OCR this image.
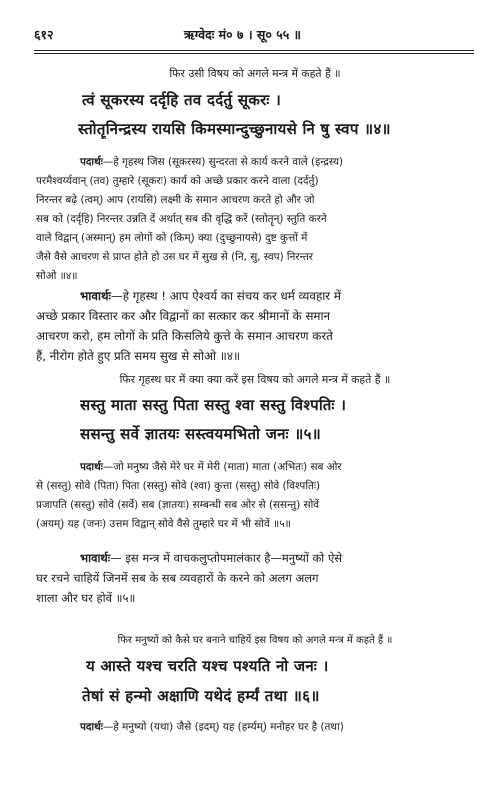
६१२	ऋग्वेदः मं० ७ । सू० ५५ ॥
फिर उसी विषय को अगले मन्त्र में कहते हैं ॥
त्वं सूकरस्य दर्दृहि तव दर्दर्तु सूकरः ।
स्तोतॄनिन्द्रस्य रायसि किमस्मान्दुच्छुनायसे नि षु स्वप ॥४॥
पदार्थः—हे गृहस्थ जिस (सूकरस्य) सुन्दरता से कार्य करने वाले (इन्द्रस्य)
परमैश्वर्य्यवान् (तव) तुम्हारे (सूकरः) कार्य को अच्छे प्रकार करने वाला (दर्दर्तु)
निरन्तर बढ़े (त्वम्) आप (रायसि) लक्ष्मी के समान आचरण करते हो और जो
सब को (दर्दृहि) निरन्तर उन्नति दें अर्थात् सब की वृद्धि करें (स्तोतॄन्) स्तुति करने
वाले विद्वान् (अस्मान्) हम लोगों को (किम्) क्या (दुच्छुनायसे) दुष्ट कुत्तों में
जैसे वैसे आचरण से प्राप्त होते हो उस घर में सुख से (नि, सु, स्वप) निरन्तर
सोओ ॥४॥
भावार्थः—हे गृहस्थ ! आप ऐश्वर्य का संचय कर धर्म व्यवहार में
अच्छे प्रकार विस्तार कर और विद्वानों का सत्कार कर श्रीमानों के समान
आचरण करो, हम लोगों के प्रति किसलिये कुत्ते के समान आचरण करते
हैं, नीरोग होते हुए प्रति समय सुख से सोओ ॥४॥
फिर गृहस्थ घर में क्या क्या करें इस विषय को अगले मन्त्र में कहते हैं ॥
सस्तु माता सस्तु पिता सस्तु श्वा सस्तु विश्पतिः ।
ससन्तु सर्वे ज्ञातयः सस्त्वयमभितो जनः ॥५॥
पदार्थः—जो मनुष्य जैसे मेरे घर में मेरी (माता) माता (अभितः) सब ओर
से (सस्तु) सोवे (पिता) पिता (सस्तु) सोवे (श्वा) कुत्ता (सस्तु) सोवे (विश्पतिः)
प्रजापति (सस्तु) सोवे (सर्वे) सब (ज्ञातयः) सम्बन्धी सब ओर से (ससन्तु) सोवें
(अयम्) यह (जनः) उत्तम विद्वान् सोवे वैसे तुम्हारे घर में भी सोवें ॥५॥
भावार्थः— इस मन्त्र में वाचकलुप्तोपमालंकार है—मनुष्यों को ऐसे
घर रचने चाहियें जिनमें सब के सब व्यवहारों के करने को अलग अलग
शाला और घर होवें ॥५॥
फिर मनुष्यों को कैसे घर बनाने चाहियें इस विषय को अगले मन्त्र में कहते हैं ॥
य आस्ते यश्च चरति यश्च पश्यति नो जनः ।
तेषां सं हन्मो अक्षाणि यथेदं हर्म्यं तथा ॥६॥
पदार्थः—हे मनुष्यो (यथा) जैसे (इदम्) यह (हर्म्यम्) मनोहर घर है (तथा)
